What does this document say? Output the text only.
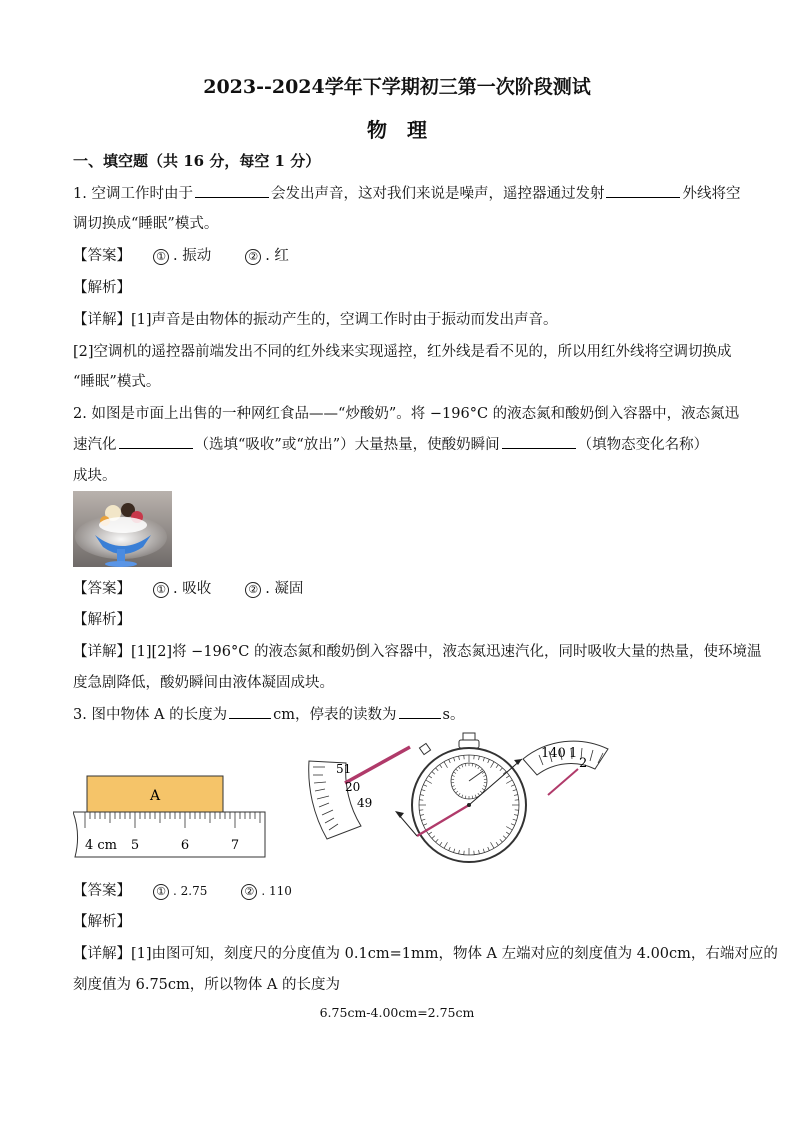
2023--2024学年下学期初三第一次阶段测试
物　理
一、填空题（共 16 分，每空 1 分）
1. 空调工作时由于	会发出声音，这对我们来说是噪声，遥控器通过发射	外线将空
调切换成“睡眠”模式。
【答案】 ① . 振动	② . 红
【解析】
【详解】[1]声音是由物体的振动产生的，空调工作时由于振动而发出声音。
[2]空调机的遥控器前端发出不同的红外线来实现遥控，红外线是看不见的，所以用红外线将空调切换成
“睡眠”模式。
2. 如图是市面上出售的一种网红食品——“炒酸奶”。将 −196°C 的液态氮和酸奶倒入容器中，液态氮迅
速汽化	（选填“吸收”或“放出”）大量热量，使酸奶瞬间	（填物态变化名称）
成块。
【答案】 ① . 吸收	② . 凝固
【解析】
【详解】[1][2]将 −196°C 的液态氮和酸奶倒入容器中，液态氮迅速汽化，同时吸收大量的热量，使环境温
度急剧降低，酸奶瞬间由液体凝固成块。
3. 图中物体 A 的长度为	cm，停表的读数为	s。
A
4 cm 5	6	7
51
20
49
140 1
2
【答案】 ① . 2.75	② . 110
【解析】
【详解】[1]由图可知，刻度尺的分度值为 0.1cm=1mm，物体 A 左端对应的刻度值为 4.00cm，右端对应的
刻度值为 6.75cm，所以物体 A 的长度为
6.75cm-4.00cm=2.75cm
